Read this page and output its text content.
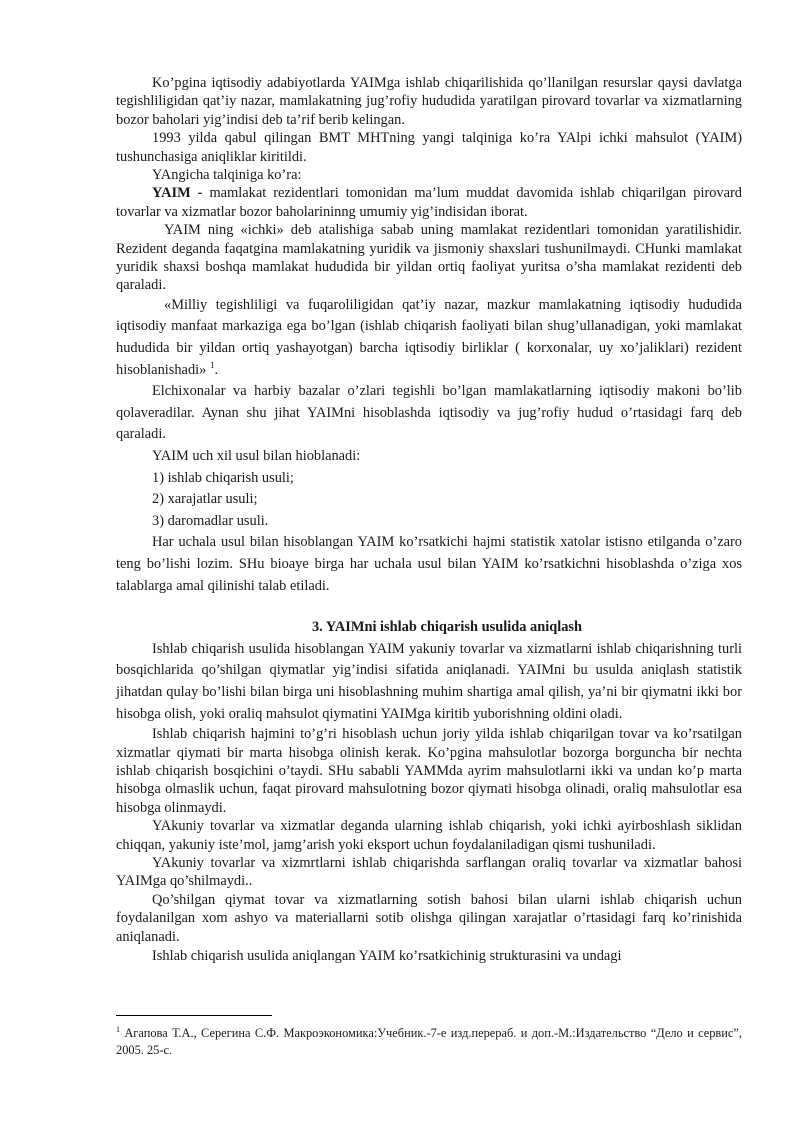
Ko’pgina iqtisodiy adabiyotlarda YAIMga ishlab chiqarilishida qo’llanilgan resurslar qaysi davlatga tegishliligidan qat’iy nazar, mamlakatning jug’rofiy hududida yaratilgan pirovard tovarlar va xizmatlarning bozor baholari yig’indisi deb ta’rif berib kelingan.

1993 yilda qabul qilingan BMT MHTning yangi talqiniga ko’ra YAlpi ichki mahsulot (YAIM) tushunchasiga aniqliklar kiritildi.

YAngicha talqiniga ko’ra:

YAIM - mamlakat rezidentlari tomonidan ma’lum muddat davomida ishlab chiqarilgan pirovard tovarlar va xizmatlar bozor baholarininng umumiy yig’indisidan iborat.

YAIM ning «ichki» deb atalishiga sabab uning mamlakat rezidentlari tomonidan yaratilishidir. Rezident deganda faqatgina mamlakatning yuridik va jismoniy shaxslari tushunilmaydi. CHunki mamlakat yuridik shaxsi boshqa mamlakat hududida bir yildan ortiq faoliyat yuritsa o’sha mamlakat rezidenti deb qaraladi.

«Milliy tegishliligi va fuqaroliligidan qat’iy nazar, mazkur mamlakatning iqtisodiy hududida iqtisodiy manfaat markaziga ega bo’lgan (ishlab chiqarish faoliyati bilan shug’ullanadigan, yoki mamlakat hududida bir yildan ortiq yashayotgan) barcha iqtisodiy birliklar ( korxonalar, uy xo’jaliklari) rezident hisoblanishadi» $^1$.

Elchixonalar va harbiy bazalar o’zlari tegishli bo’lgan mamlakatlarning iqtisodiy makoni bo’lib qolaveradilar. Aynan shu jihat YAIMni hisoblashda iqtisodiy va jug’rofiy hudud o’rtasidagi farq deb qaraladi.

YAIM uch xil usul bilan hioblanadi:

1) ishlab chiqarish usuli;

2) xarajatlar usuli;

3) daromadlar usuli.

Har uchala usul bilan hisoblangan YAIM ko’rsatkichi hajmi statistik xatolar istisno etilganda o’zaro teng bo’lishi lozim. SHu bioaye birga har uchala usul bilan YAIM ko’rsatkichni hisoblashda o’ziga xos talablarga amal qilinishi talab etiladi.

3. YAIMni ishlab chiqarish usulida aniqlash

Ishlab chiqarish usulida hisoblangan YAIM yakuniy tovarlar va xizmatlarni ishlab chiqarishning turli bosqichlarida qo’shilgan qiymatlar yig’indisi sifatida aniqlanadi. YAIMni bu usulda aniqlash statistik jihatdan qulay bo’lishi bilan birga uni hisoblashning muhim shartiga amal qilish, ya’ni bir qiymatni ikki bor hisobga olish, yoki oraliq mahsulot qiymatini YAIMga kiritib yuborishning oldini oladi.

Ishlab chiqarish hajmini to’g’ri hisoblash uchun joriy yilda ishlab chiqarilgan tovar va ko’rsatilgan xizmatlar qiymati bir marta hisobga olinish kerak. Ko’pgina mahsulotlar bozorga borguncha bir nechta ishlab chiqarish bosqichini o’taydi. SHu sababli YAMMda ayrim mahsulotlarni ikki va undan ko’p marta hisobga olmaslik uchun, faqat pirovard mahsulotning bozor qiymati hisobga olinadi, oraliq mahsulotlar esa hisobga olinmaydi.

YAkuniy tovarlar va xizmatlar deganda ularning ishlab chiqarish, yoki ichki ayirboshlash siklidan chiqqan, yakuniy iste’mol, jamg’arish yoki eksport uchun foydalaniladigan qismi tushuniladi.

YAkuniy tovarlar va xizmrtlarni ishlab chiqarishda sarflangan oraliq tovarlar va xizmatlar bahosi YAIMga qo’shilmaydi..

Qo’shilgan qiymat tovar va xizmatlarning sotish bahosi bilan ularni ishlab chiqarish uchun foydalanilgan xom ashyo va materiallarni sotib olishga qilingan xarajatlar o’rtasidagi farq ko’rinishida aniqlanadi.

Ishlab chiqarish usulida aniqlangan YAIM ko’rsatkichinig strukturasini va undagi

$^1$ Агапова Т.А., Серегина С.Ф. Макроэкономика:Учебник.-7-е изд.перераб. и доп.-М.:Издательство “Дело и сервис”, 2005. 25-с.
